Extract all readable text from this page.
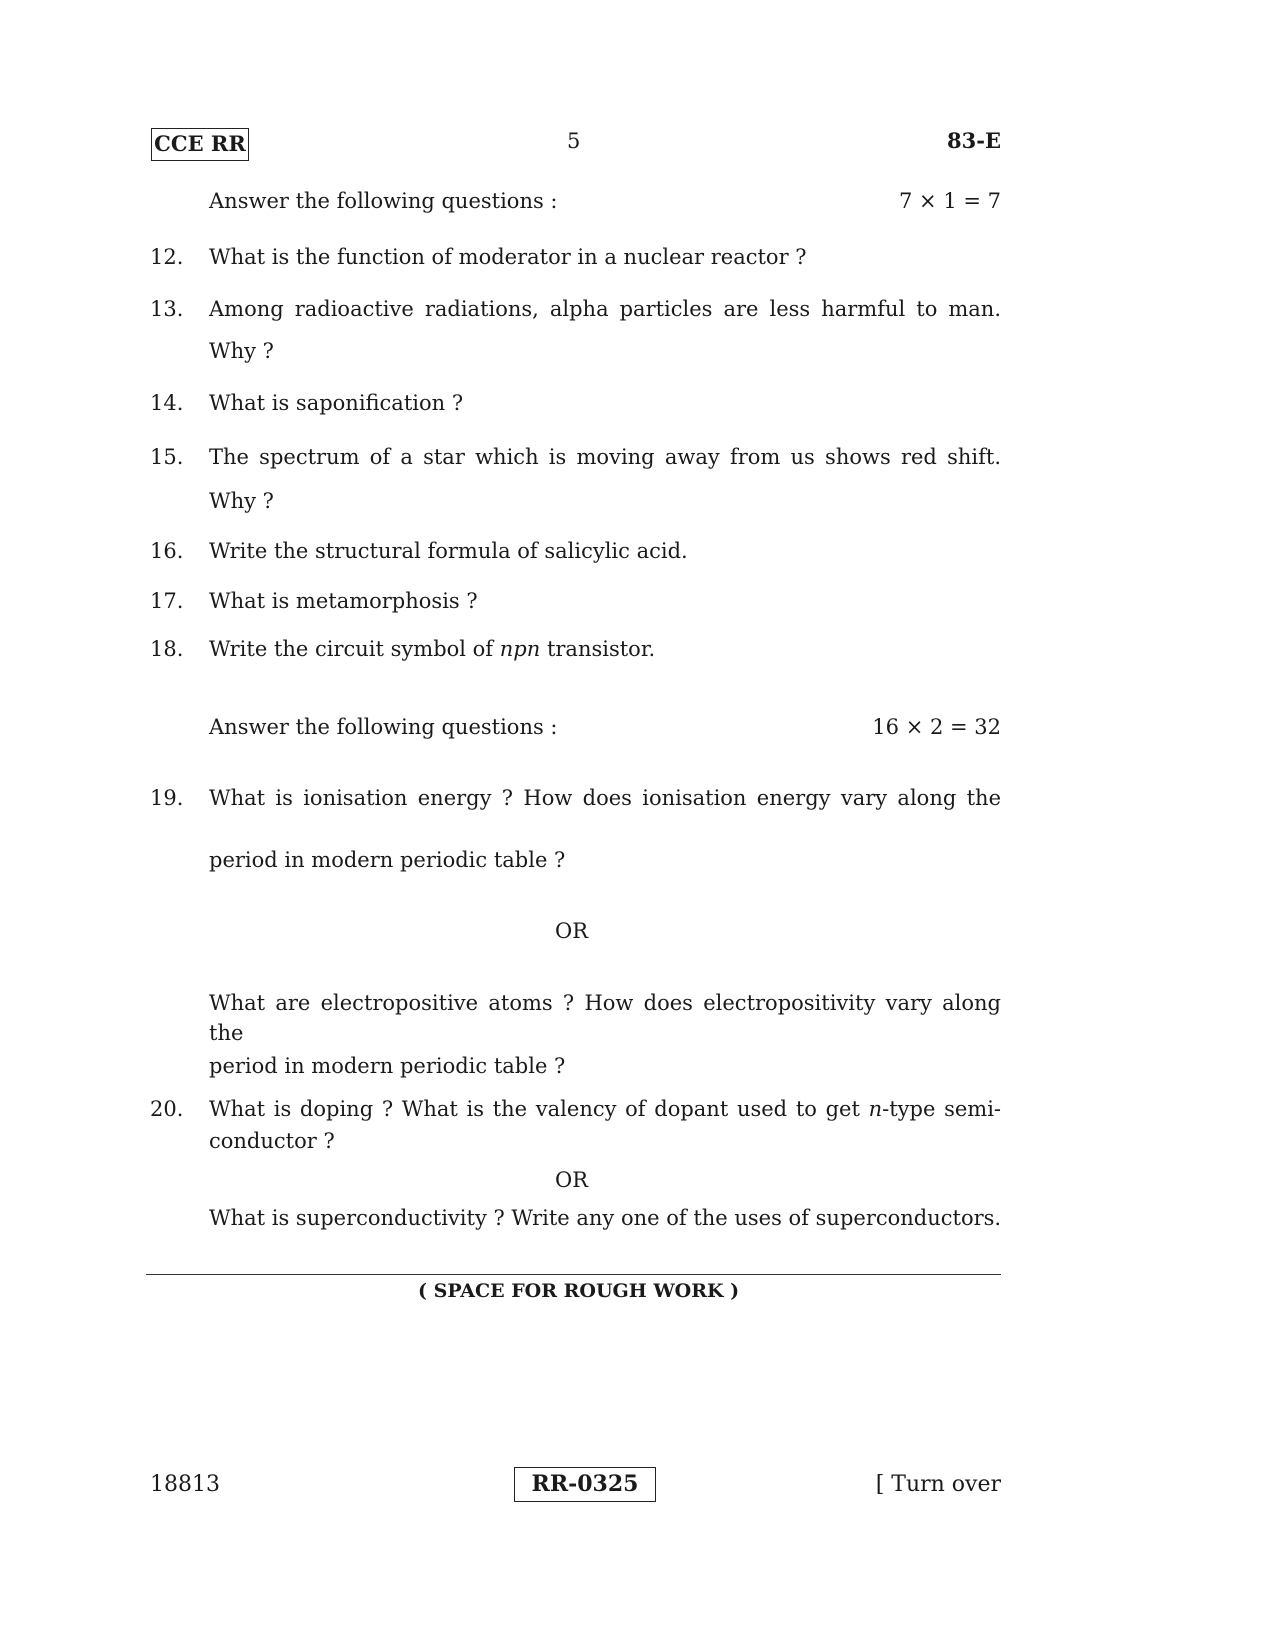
CCE RR	5	83-E
Answer the following questions :	7 × 1 = 7
12. What is the function of moderator in a nuclear reactor ?
13. Among radioactive radiations, alpha particles are less harmful to man.
Why ?
14. What is saponification ?
15. The spectrum of a star which is moving away from us shows red shift.
Why ?
16. Write the structural formula of salicylic acid.
17. What is metamorphosis ?
18. Write the circuit symbol of npn transistor.
Answer the following questions :	16 × 2 = 32
19. What is ionisation energy ? How does ionisation energy vary along the
period in modern periodic table ?
OR
What are electropositive atoms ? How does electropositivity vary along the
period in modern periodic table ?
20. What is doping ? What is the valency of dopant used to get n-type semi-
conductor ?
OR
What is superconductivity ? Write any one of the uses of superconductors.
( SPACE FOR ROUGH WORK )
18813	RR-0325	[ Turn over
